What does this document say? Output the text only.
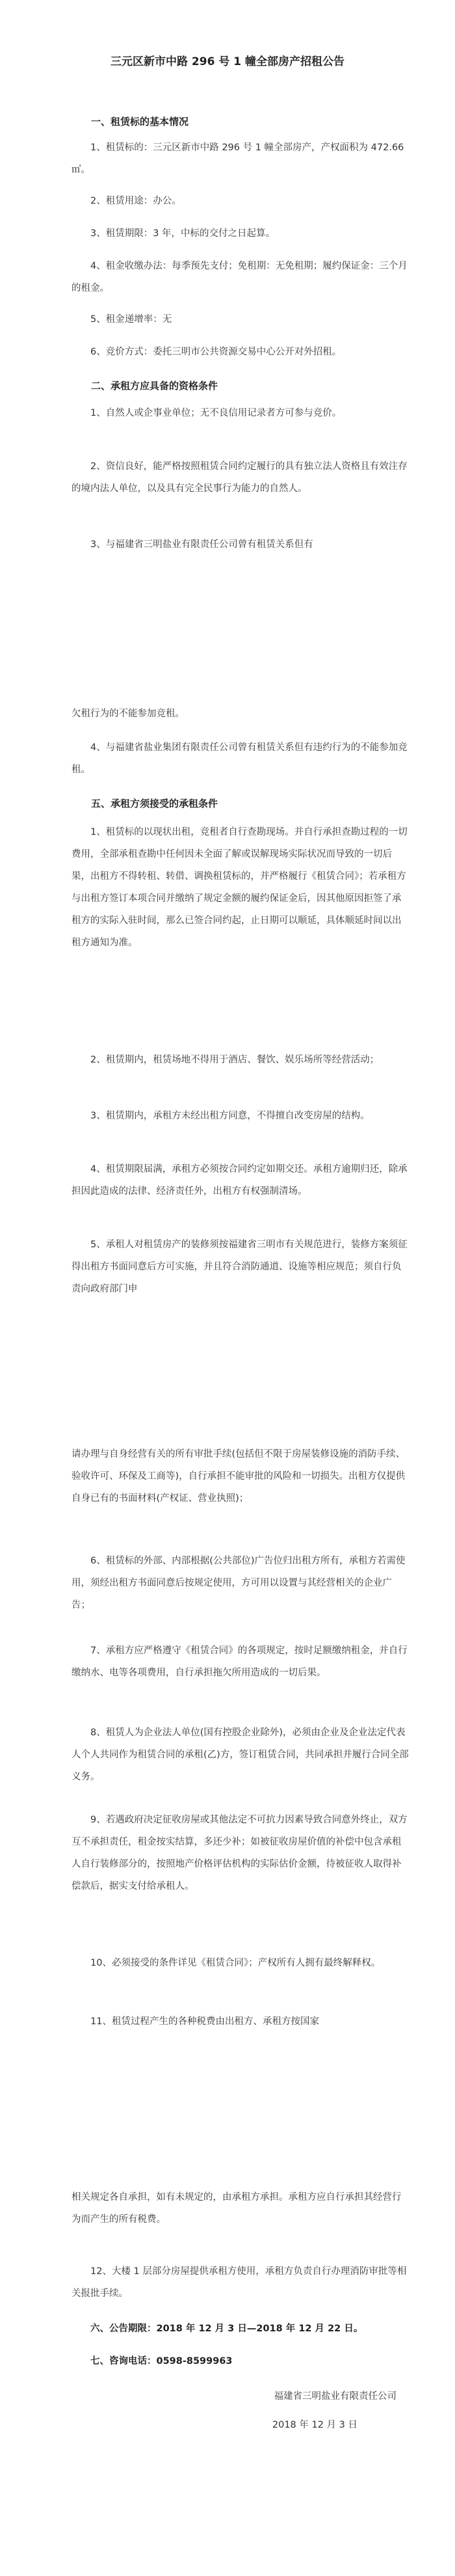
三元区新市中路 296 号 1 幢全部房产招租公告

一、租赁标的基本情况

1、租赁标的：三元区新市中路 296 号 1 幢全部房产，产权面积为 472.66㎡。

2、租赁用途：办公。

3、租赁期限：3 年，中标的交付之日起算。

4、租金收缴办法：每季预先支付；免租期：无免租期；履约保证金：三个月的租金。

5、租金递增率：无

6、竞价方式：委托三明市公共资源交易中心公开对外招租。

二、承租方应具备的资格条件

1、自然人或企事业单位；无不良信用记录者方可参与竞价。

2、资信良好，能严格按照租赁合同约定履行的具有独立法人资格且有效注存的境内法人单位，以及具有完全民事行为能力的自然人。

3、与福建省三明盐业有限责任公司曾有租赁关系但有

欠租行为的不能参加竞租。

4、与福建省盐业集团有限责任公司曾有租赁关系但有违约行为的不能参加竞租。

五、承租方须接受的承租条件

1、租赁标的以现状出租，竞租者自行查勘现场。并自行承担查勘过程的一切费用，全部承租查勘中任何因未全面了解或误解现场实际状况而导致的一切后果，出租方不得转租、转借、调换租赁标的，并严格履行《租赁合同》；若承租方与出租方签订本项合同并缴纳了规定金额的履约保证金后，因其他原因拒签了承租方的实际入驻时间，那么已签合同约起，止日期可以顺延，具体顺延时间以出租方通知为准。

2、租赁期内，租赁场地不得用于酒店、餐饮、娱乐场所等经营活动；

3、租赁期内，承租方未经出租方同意，不得擅自改变房屋的结构。

4、租赁期限届满，承租方必须按合同约定如期交还。承租方逾期归还，除承担因此造成的法律、经济责任外，出租方有权强制清场。

5、承租人对租赁房产的装修须按福建省三明市有关规范进行，装修方案须征得出租方书面同意后方可实施，并且符合消防通道、设施等相应规范；须自行负责向政府部门申

请办理与自身经营有关的所有审批手续(包括但不限于房屋装修设施的消防手续、验收许可、环保及工商等)，自行承担不能审批的风险和一切损失。出租方仅提供自身已有的书面材料(产权证、营业执照)；

6、租赁标的外部、内部根据(公共部位)广告位归出租方所有，承租方若需使用，须经出租方书面同意后按规定使用，方可用以设置与其经营相关的企业广告；

7、承租方应严格遵守《租赁合同》的各项规定，按时足额缴纳租金，并自行缴纳水、电等各项费用，自行承担拖欠所用造成的一切后果。

8、租赁人为企业法人单位(国有控股企业除外)，必须由企业及企业法定代表人个人共同作为租赁合同的承租(乙)方，签订租赁合同，共同承担并履行合同全部义务。

9、若遇政府决定征收房屋或其他法定不可抗力因素导致合同意外终止，双方互不承担责任，租金按实结算，多还少补；如被征收房屋价值的补偿中包含承租人自行装修部分的，按照地产价格评估机构的实际估价金额，待被征收人取得补偿款后，据实支付给承租人。

10、必须接受的条件详见《租赁合同》；产权所有人拥有最终解释权。

11、租赁过程产生的各种税费由出租方、承租方按国家

相关规定各自承担，如有未规定的，由承租方承担。承租方应自行承担其经营行为而产生的所有税费。

12、大楼 1 层部分房屋提供承租方使用，承租方负责自行办理消防审批等相关报批手续。

六、公告期限：2018 年 12 月 3 日—2018 年 12 月 22 日。

七、咨询电话：0598-8599963

福建省三明盐业有限责任公司

2018 年 12 月 3 日
